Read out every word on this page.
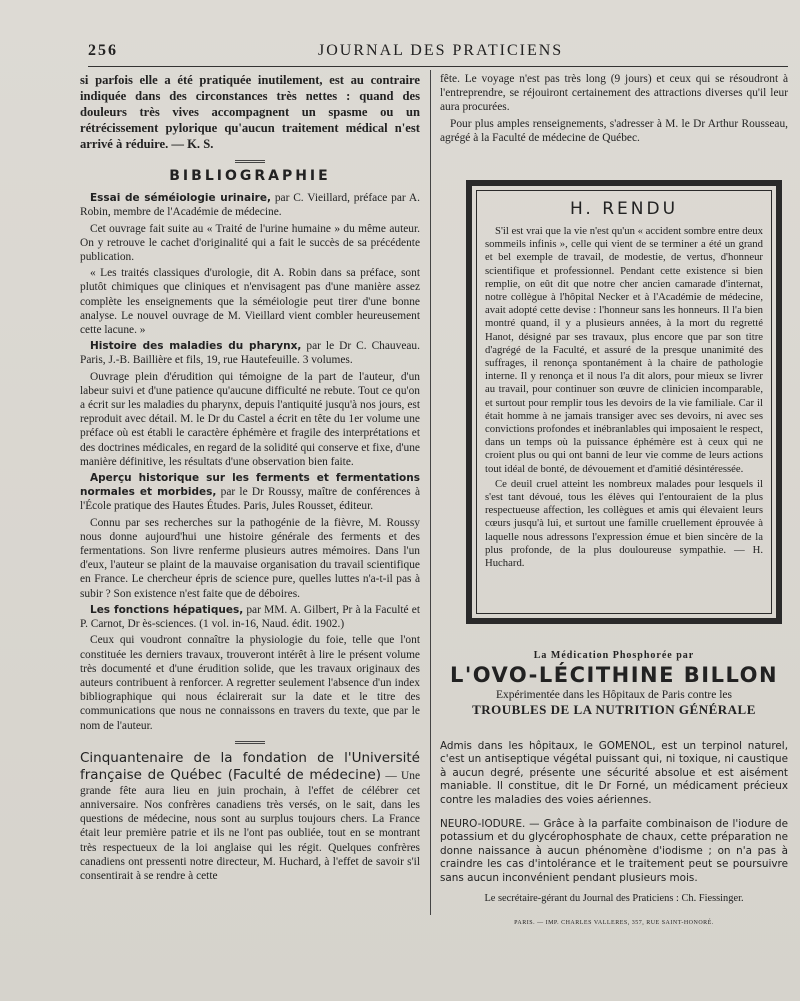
256	JOURNAL DES PRATICIENS

si parfois elle a été pratiquée inutilement, est au contraire indiquée dans des circonstances très nettes : quand des douleurs très vives accompagnent un spasme ou un rétrécissement pylorique qu'aucun traitement médical n'est arrivé à réduire. — K. S.

BIBLIOGRAPHIE

Essai de séméiologie urinaire, par C. Vieillard, préface par A. Robin, membre de l'Académie de médecine.

Cet ouvrage fait suite au « Traité de l'urine humaine » du même auteur. On y retrouve le cachet d'originalité qui a fait le succès de sa précédente publication.

« Les traités classiques d'urologie, dit A. Robin dans sa préface, sont plutôt chimiques que cliniques et n'envisagent pas d'une manière assez complète les enseignements que la séméiologie peut tirer d'une bonne analyse. Le nouvel ouvrage de M. Vieillard vient combler heureusement cette lacune. »

Histoire des maladies du pharynx, par le Dr C. Chauveau. Paris, J.-B. Baillière et fils, 19, rue Hautefeuille. 3 volumes.

Ouvrage plein d'érudition qui témoigne de la part de l'auteur, d'un labeur suivi et d'une patience qu'aucune difficulté ne rebute. Tout ce qu'on a écrit sur les maladies du pharynx, depuis l'antiquité jusqu'à nos jours, est reproduit avec détail. M. le Dr du Castel a écrit en tête du 1er volume une préface où est établi le caractère éphémère et fragile des interprétations et des doctrines médicales, en regard de la solidité qui conserve et fixe, d'une manière définitive, les résultats d'une observation bien faite.

Aperçu historique sur les ferments et fermentations normales et morbides, par le Dr Roussy, maître de conférences à l'École pratique des Hautes Études. Paris, Jules Rousset, éditeur.

Connu par ses recherches sur la pathogénie de la fièvre, M. Roussy nous donne aujourd'hui une histoire générale des ferments et des fermentations. Son livre renferme plusieurs autres mémoires. Dans l'un d'eux, l'auteur se plaint de la mauvaise organisation du travail scientifique en France. Le chercheur épris de science pure, quelles luttes n'a-t-il pas à subir ? Son existence n'est faite que de déboires.

Les fonctions hépatiques, par MM. A. Gilbert, Pr à la Faculté et P. Carnot, Dr ès-sciences. (1 vol. in-16, Naud. édit. 1902.)

Ceux qui voudront connaître la physiologie du foie, telle que l'ont constituée les derniers travaux, trouveront intérêt à lire le présent volume très documenté et d'une érudition solide, que les travaux originaux des auteurs contribuent à renforcer. A regretter seulement l'absence d'un index bibliographique qui nous éclairerait sur la date et le titre des communications que nous ne connaissons en travers du texte, que par le nom de l'auteur.

Cinquantenaire de la fondation de l'Université française de Québec (Faculté de médecine) — Une grande fête aura lieu en juin prochain, à l'effet de célébrer cet anniversaire. Nos confrères canadiens très versés, on le sait, dans les questions de médecine, nous sont au surplus toujours chers. La France était leur première patrie et ils ne l'ont pas oubliée, tout en se montrant très respectueux de la loi anglaise qui les régit. Quelques confrères canadiens ont pressenti notre directeur, M. Huchard, à l'effet de savoir s'il consentirait à se rendre à cette

fête. Le voyage n'est pas très long (9 jours) et ceux qui se résoudront à l'entreprendre, se réjouiront certainement des attractions diverses qu'il leur aura procurées.

Pour plus amples renseignements, s'adresser à M. le Dr Arthur Rousseau, agrégé à la Faculté de médecine de Québec.

H. RENDU

S'il est vrai que la vie n'est qu'un « accident sombre entre deux sommeils infinis », celle qui vient de se terminer a été un grand et bel exemple de travail, de modestie, de vertus, d'honneur scientifique et professionnel. Pendant cette existence si bien remplie, on eût dit que notre cher ancien camarade d'internat, notre collègue à l'hôpital Necker et à l'Académie de médecine, avait adopté cette devise : l'honneur sans les honneurs. Il l'a bien montré quand, il y a plusieurs années, à la mort du regretté Hanot, désigné par ses travaux, plus encore que par son titre d'agrégé de la Faculté, et assuré de la presque unanimité des suffrages, il renonça spontanément à la chaire de pathologie interne. Il y renonça et il nous l'a dit alors, pour mieux se livrer au travail, pour continuer son œuvre de clinicien incomparable, et surtout pour remplir tous les devoirs de la vie familiale. Car il était homme à ne jamais transiger avec ses devoirs, ni avec ses convictions profondes et inébranlables qui imposaient le respect, dans un temps où la puissance éphémère est à ceux qui ne croient plus ou qui ont banni de leur vie comme de leurs actions tout idéal de bonté, de dévouement et d'amitié désintéressée.

Ce deuil cruel atteint les nombreux malades pour lesquels il s'est tant dévoué, tous les élèves qui l'entouraient de la plus respectueuse affection, les collègues et amis qui élevaient leurs cœurs jusqu'à lui, et surtout une famille cruellement éprouvée à laquelle nous adressons l'expression émue et bien sincère de la plus profonde, de la plus douloureuse sympathie. — H. Huchard.

La Médication Phosphorée par
L'OVO-LÉCITHINE BILLON
Expérimentée dans les Hôpitaux de Paris contre les
TROUBLES DE LA NUTRITION GÉNÉRALE
Admis dans les hôpitaux, le GOMENOL, est un terpinol naturel, c'est un antiseptique végétal puissant qui, ni toxique, ni caustique à aucun degré, présente une sécurité absolue et est aisément maniable. Il constitue, dit le Dr Forné, un médicament précieux contre les maladies des voies aériennes.
NEURO-IODURE. — Grâce à la parfaite combinaison de l'iodure de potassium et du glycérophosphate de chaux, cette préparation ne donne naissance à aucun phénomène d'iodisme ; on n'a pas à craindre les cas d'intolérance et le traitement peut se poursuivre sans aucun inconvénient pendant plusieurs mois.
Le secrétaire-gérant du Journal des Praticiens : Ch. Fiessinger.
PARIS. — IMP. CHARLES VALLERES, 357, RUE SAINT-HONORÉ.
